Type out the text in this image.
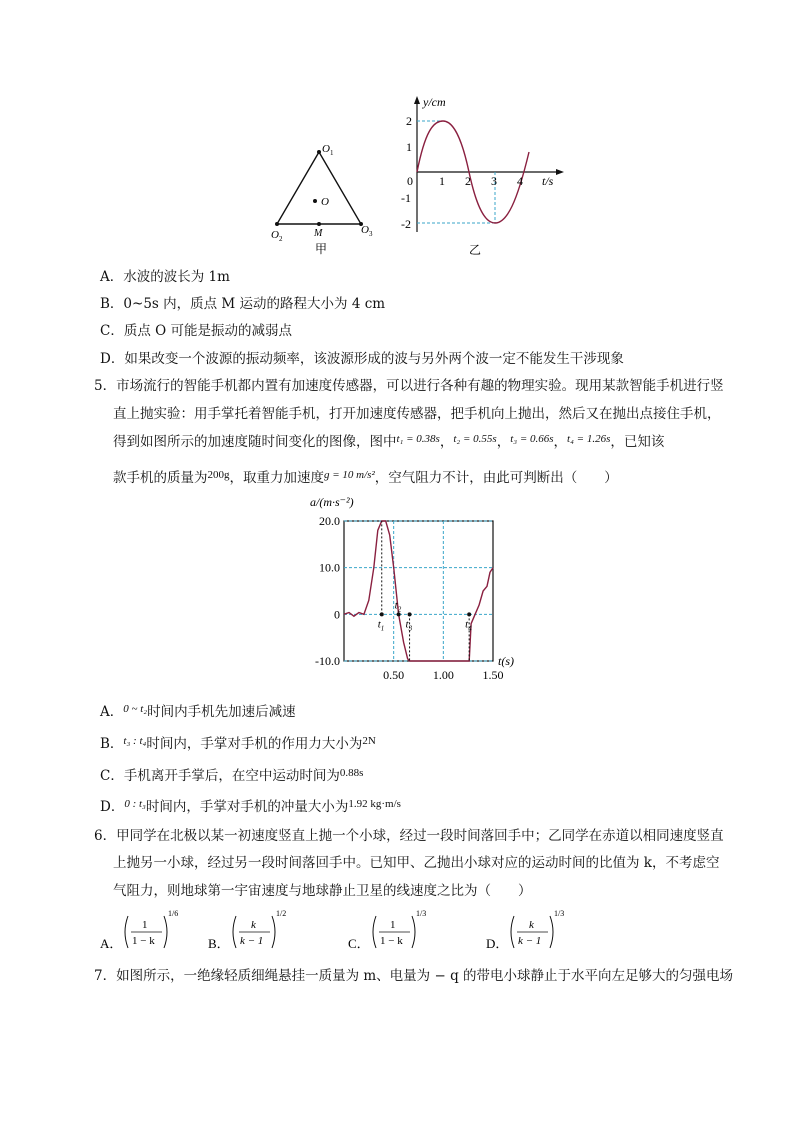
O 1
O
O 2	M	O 3
甲
y/cm
t/s
0 1 2 3 4
2
1
-1
-2
乙
A．水波的波长为 1m
B．0~5s 内，质点 M 运动的路程大小为 4 cm
C．质点 O 可能是振动的减弱点
D．如果改变一个波源的振动频率，该波源形成的波与另外两个波一定不能发生干涉现象
5．市场流行的智能手机都内置有加速度传感器，可以进行各种有趣的物理实验。现用某款智能手机进行竖
直上抛实验：用手掌托着智能手机，打开加速度传感器，把手机向上抛出，然后又在抛出点接住手机，
得到如图所示的加速度随时间变化的图像，图中$^{t_1 = 0.38s}$，$^{t_2 = 0.55s}$，$^{t_3 = 0.66s}$，$^{t_4 = 1.26s}$，已知该
款手机的质量为$^{200g}$，取重力加速度$^{g = 10 m/s^2}$，空气阻力不计，由此可判断出（　　）
20.0
10.0
0
-10.0
0.50 1.00 1.50
$t_1$
$t_2$
$t_3$	$t_4$
a/(m·s⁻²)
t(s)
A．$^{0 \sim t_2}$时间内手机先加速后减速
B．$^{t_3 : t_4}$时间内，手掌对手机的作用力大小为$^{2N}$
C．手机离开手掌后，在空中运动时间为$^{0.88s}$
D．$^{0 : t_3}$时间内，手掌对手机的冲量大小为$^{1.92 kg\cdot m/s}$
6．甲同学在北极以某一初速度竖直上抛一个小球，经过一段时间落回手中；乙同学在赤道以相同速度竖直
上抛另一小球，经过另一段时间落回手中。已知甲、乙抛出小球对应的运动时间的比值为 k，不考虑空
气阻力，则地球第一宇宙速度与地球静止卫星的线速度之比为（　　）
A．
1
1 − k
1/6
B．
k
k − 1
1/2
C．
1
1 − k
1/3
D．
k
k − 1
1/3
7．如图所示，一绝缘轻质细绳悬挂一质量为 m、电量为 − q 的带电小球静止于水平向左足够大的匀强电场
